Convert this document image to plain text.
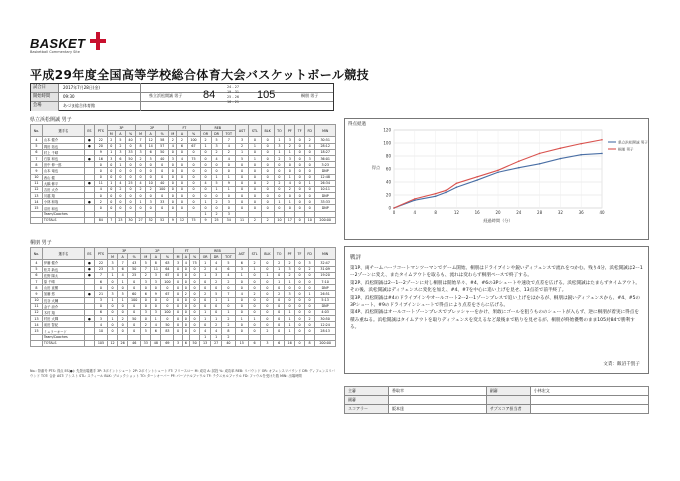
BASKET
Basketball Commentary Site
平成29年度全国高等学校総合体育大会バスケットボール競技
試合日	2017年7月28日(金)
開始時間	09:30
会場	あづま総合体育館
県立浜松開誠 男子 84
24 - 27
19 - 31
25 - 26
16 - 21
105	桐朋 男子
県立浜松開誠 男子
No.	選手名	ES	PTS	3P			2P			FT			REB			AST	STL	BLK	TO	PF	TF	FD	MIN
				M	A	%	M	A	%	M	A	%	OR	DR	TOT								
4	山本 健介	●	22	2	5	40	7	12	58	2	2	100	2	5	7	3	0	0	1	3	0	2	30:51
5	岡田 拓也	●	20	0	2	0	8	14	57	4	6	67	1	3	4	2	1	0	3	2	0	4	28:12
6	村上 千晴		9	1	3	33	3	6	50	0	0	0	0	2	2	1	0	0	1	1	0	0	18:27
7	石原 和也	●	16	3	6	50	2	5	40	3	4	75	0	4	4	5	1	0	2	3	0	3	36:01
8	田中 伸一郎		0	0	1	0	0	0	0	0	0	0	0	0	0	0	0	0	0	0	0	0	3:23
9	山本 竜也		0	0	0	0	0	0	0	0	0	0	0	0	0	0	0	0	0	0	0	0	DNP
10	西山 健		0	0	0	0	0	0	0	0	0	0	0	1	1	0	0	0	0	1	0	0	12:48
11	大橋 修平	●	11	1	4	25	4	10	40	0	0	0	4	5	9	0	0	2	2	4	0	1	26:34
12	吉田 大介		4	0	2	0	2	2	100	0	0	0	0	1	1	0	0	0	0	2	0	0	10:11
13	川越 翔		0	0	0	0	0	0	0	0	0	0	0	0	0	0	0	0	0	0	0	0	DNP
14	小林 和哉	●	2	0	0	0	1	3	33	0	0	0	1	2	3	0	0	0	1	1	0	0	33:33
15	沼田 和也		0	0	0	0	0	0	0	0	0	0	0	0	0	0	0	0	0	0	0	0	DNP
	Team/Coaches												1	2	3								
	TOTALS		84	7	23	30	27	52	52	9	12	75	9	25	34	11	2	2	10	17	0	10	200:00
桐朋 男子
No.	選手名	ES	PTS	3P			2P			FT			REB			AST	STL	BLK	TO	PF	TF	FD	MIN
				M	A	%	M	A	%	M	A	%	OR	DR	TOT								
4	伊藤 健介	●	22	3	7	43	5	8	63	3	4	75	1	4	5	6	2	0	2	2	0	3	32:47
5	松井 新也	●	23	3	6	50	7	11	64	0	0	0	2	4	6	3	1	0	1	3	0	2	31:09
6	佐野 陽太	●	7	1	4	25	2	3	67	0	0	0	1	3	4	1	0	1	0	2	0	0	19:20
7	原 千晴		6	0	1	0	3	3	100	0	0	0	0	2	2	0	0	0	1	1	0	0	7:10
8	山田 直樹		0	0	0	0	0	0	0	0	0	0	0	0	0	0	0	0	0	0	0	0	DNP
9	加藤 悠	●	21	3	5	60	6	9	67	0	2	0	2	5	7	4	2	0	2	3	0	1	26:51
10	長谷 大輔		3	1	1	100	0	0	0	0	0	0	0	1	1	0	0	0	0	0	0	0	5:13
11	金子 涼介		0	0	0	0	0	0	0	0	0	0	0	0	0	0	0	0	0	0	0	0	DNP
12	木村 翔		6	0	0	0	3	3	100	0	0	0	1	0	1	0	0	0	0	1	0	0	4:03
13	村田 大輝	●	3	1	2	50	0	1	0	0	0	0	1	1	2	1	1	0	0	1	0	2	30:50
14	前田 智紀		4	0	0	0	2	4	50	0	0	0	0	2	2	0	0	0	0	1	0	0	12:24
15	ミュラーオード		10	0	0	0	5	6	83	0	0	0	4	4	8	0	0	2	0	1	0	0	28:13
	Team/Coaches												1	1	2								
	TOTALS		105	12	26	46	33	48	69	3	6	50	13	27	40	15	6	3	6	16	0	8	200:00
No.: 背番号 PTS: 得点 ES(●): 先発出場選手 3P: 3ポイントシュート 2P: 2ポイントシュート FT: フリースロー M: 成功 A: 試投 %: 成功率 REB: リバウンド OR: オフェンスリバウンド DR: ディフェンスリバウンド TOT: 合計 AST: アシスト STL: スティール BLK: ブロックショット TO: ターンオーバー PF: パーソナルファウル TF: テクニカルファウル FD: ファウルを受けた数 MIN: 出場時間
得点経過
0
20
40
60
80
100
120
0	4	8	12	16	20	24	28	32	36	40
経過時間（分）
得点
県立浜松開誠 男子
桐朋 男子
戦評

第1P、両チームハーフコートマンツーマンでゲーム開始。桐朋はドライブインや鋭いディフェンスで流れをつかむ。残り4分、浜松開誠は2ー1ー2ゾーンに変え、またタイムアウトを取るも、流れは変わらず桐朋ペースで終了する。

第2P、浜松開誠は2ー1ー2ゾーンに対し桐朋は開始早々、#4、#6の3Pシュートや速攻で点差を広げる。浜松開誠はたまらずタイムアウト。その後、浜松開誠はディフェンスに変化を加え、#4、#7を中心に追い上げを見せ、13点差で前半終了。

第3P、浜松開誠は#4のドライブインやオールコート2ー2ー1ゾーンプレスで追い上げをはかるが、桐朋は鋭いディフェンスから、#4、#5の3Pシュート、#9のドライブインシュートで得点により点差をさらに広げる。

第4P、浜松開誠はオールコートゾーンプレスでプレッシャーをかけ、果敢にゴールを狙うもののシュートが入らず、逆に桐朋が着実に得点を積み重ねる。浜松開誠はタイムアウトを取りディフェンスを変えるなど最後まで粘りを見せるが、桐朋が終始優勢のまま105対84で勝利する。

文責：飯沼千賀子
主審	香取幸	副審	小林宏文
副審			
スコアラー	阪本達	サブスコア担当者	
